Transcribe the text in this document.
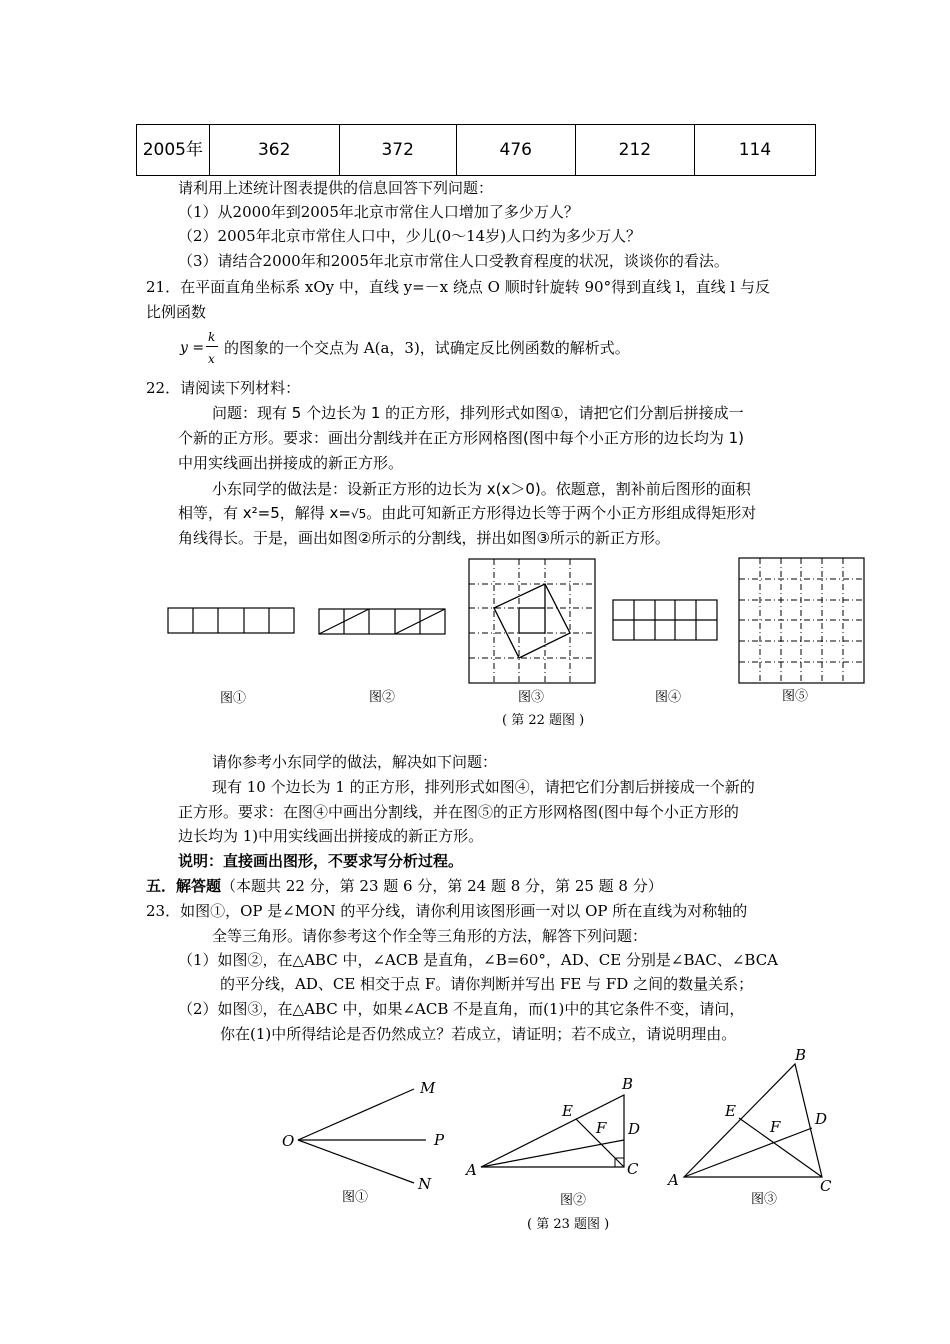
2005年	362	372	476	212	114
请利用上述统计图表提供的信息回答下列问题：
（1）从2000年到2005年北京市常住人口增加了多少万人？
（2）2005年北京市常住人口中，少儿(0～14岁)人口约为多少万人？
（3）请结合2000年和2005年北京市常住人口受教育程度的状况，谈谈你的看法。
21．在平面直角坐标系 xOy 中，直线 y=－x 绕点 O 顺时针旋转 90°得到直线 l，直线 l 与反
比例函数
y =
k
x
的图象的一个交点为 A(a，3)，试确定反比例函数的解析式。
22．请阅读下列材料：
问题：现有 5 个边长为 1 的正方形，排列形式如图①，请把它们分割后拼接成一
个新的正方形。要求：画出分割线并在正方形网格图(图中每个小正方形的边长均为 1)
中用实线画出拼接成的新正方形。
小东同学的做法是：设新正方形的边长为 x(x＞0)。依题意，割补前后图形的面积
相等，有 x²=5，解得 x=√5。由此可知新正方形得边长等于两个小正方形组成得矩形对
角线得长。于是，画出如图②所示的分割线，拼出如图③所示的新正方形。
图①	图②	图③	图④	图⑤
( 第 22 题图 )
请你参考小东同学的做法，解决如下问题：
现有 10 个边长为 1 的正方形，排列形式如图④，请把它们分割后拼接成一个新的
正方形。要求：在图④中画出分割线，并在图⑤的正方形网格图(图中每个小正方形的
边长均为 1)中用实线画出拼接成的新正方形。
说明：直接画出图形，不要求写分析过程。
五．解答题（本题共 22 分，第 23 题 6 分，第 24 题 8 分，第 25 题 8 分）
23．如图①，OP 是∠MON 的平分线，请你利用该图形画一对以 OP 所在直线为对称轴的
全等三角形。请你参考这个作全等三角形的方法，解答下列问题：
（1）如图②，在△ABC 中，∠ACB 是直角，∠B=60°，AD、CE 分别是∠BAC、∠BCA
的平分线，AD、CE 相交于点 F。请你判断并写出 FE 与 FD 之间的数量关系；
（2）如图③，在△ABC 中，如果∠ACB 不是直角，而(1)中的其它条件不变，请问，
你在(1)中所得结论是否仍然成立？若成立，请证明；若不成立，请说明理由。
M
O	P
N
B
E
F D
A	C
B
E	D
F
A	C
图①	图②	图③
( 第 23 题图 )
